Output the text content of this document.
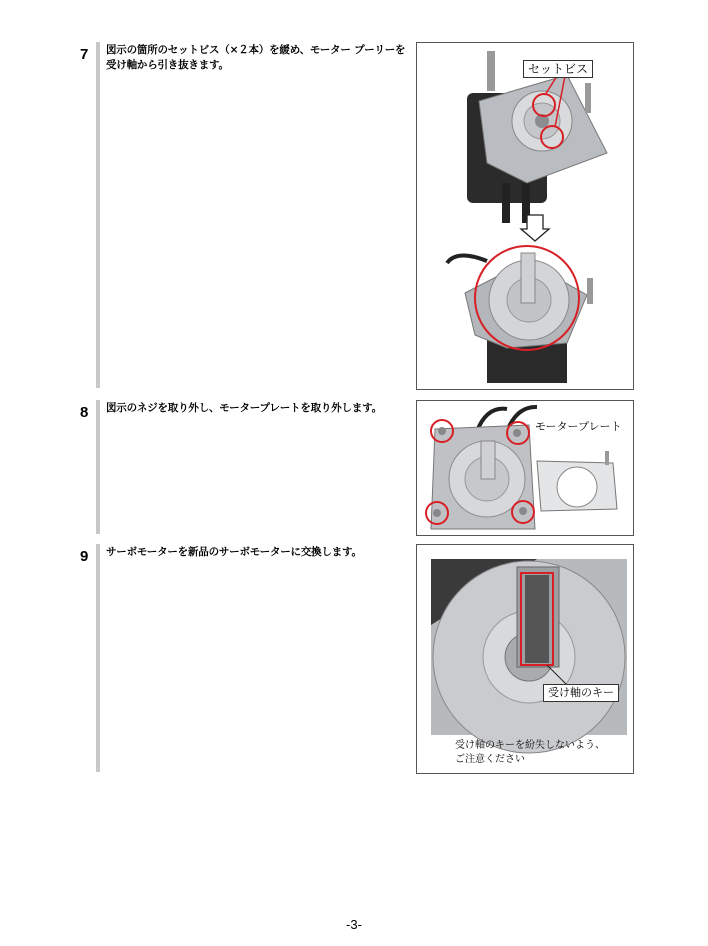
7 図示の箇所のセットビス（×２本）を緩め、モーター プーリーを受け軸から引き抜きます。	セットビス
8 図示のネジを取り外し、モータープレートを取り外します。
モータープレート
9 サーボモーターを新品のサーボモーターに交換します。
受け軸のキー
受け軸のキーを紛失しないよう、
ご注意ください
-3-
